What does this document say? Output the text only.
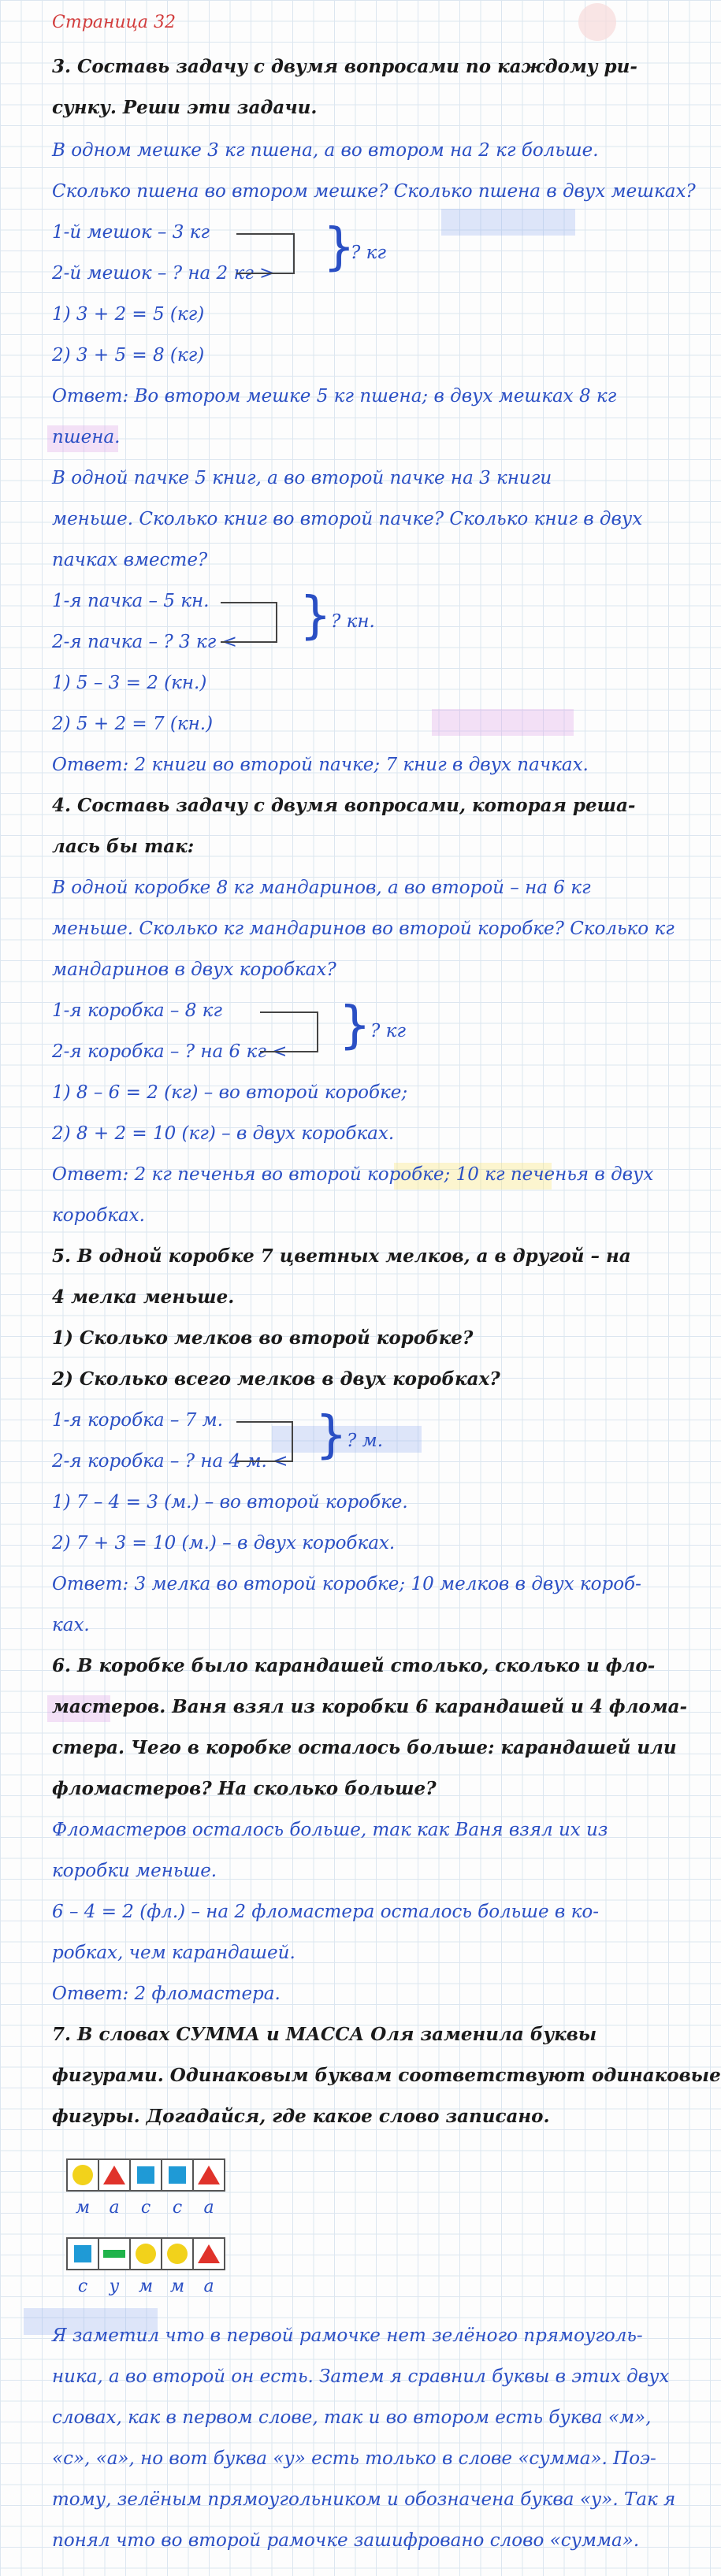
Страница 32
3. Составь задачу с двумя вопросами по каждому ри-
сунку. Реши эти задачи.
В одном мешке 3 кг пшена, а во втором на 2 кг больше.
Сколько пшена во втором мешке? Сколько пшена в двух мешках?
1-й мешок – 3 кг
2-й мешок – ? на 2 кг > }
? кг
1) 3 + 2 = 5 (кг)
2) 3 + 5 = 8 (кг)
Ответ: Во втором мешке 5 кг пшена; в двух мешках 8 кг
пшена.
В одной пачке 5 книг, а во второй пачке на 3 книги
меньше. Сколько книг во второй пачке? Сколько книг в двух
пачках вместе?
1-я пачка – 5 кн.
2-я пачка – ? 3 кг <	} ? кн.
1) 5 – 3 = 2 (кн.)
2) 5 + 2 = 7 (кн.)
Ответ: 2 книги во второй пачке; 7 книг в двух пачках.
4. Составь задачу с двумя вопросами, которая реша-
лась бы так:
В одной коробке 8 кг мандаринов, а во второй – на 6 кг
меньше. Сколько кг мандаринов во второй коробке? Сколько кг
мандаринов в двух коробках?
1-я коробка – 8 кг
2-я коробка – ? на 6 кг <	} ? кг
1) 8 – 6 = 2 (кг) – во второй коробке;
2) 8 + 2 = 10 (кг) – в двух коробках.
Ответ: 2 кг печенья во второй коробке; 10 кг печенья в двух
коробках.
5. В одной коробке 7 цветных мелков, а в другой – на
4 мелка меньше.
1) Сколько мелков во второй коробке?
2) Сколько всего мелков в двух коробках?
1-я коробка – 7 м.
2-я коробка – ? на 4 м. < } ? м.
1) 7 – 4 = 3 (м.) – во второй коробке.
2) 7 + 3 = 10 (м.) – в двух коробках.
Ответ: 3 мелка во второй коробке; 10 мелков в двух короб-
ках.
6. В коробке было карандашей столько, сколько и фло-
мастеров. Ваня взял из коробки 6 карандашей и 4 флома-
стера. Чего в коробке осталось больше: карандашей или
фломастеров? На сколько больше?
Фломастеров осталось больше, так как Ваня взял их из
коробки меньше.
6 – 4 = 2 (фл.) – на 2 фломастера осталось больше в ко-
робках, чем карандашей.
Ответ: 2 фломастера.
7. В словах СУММА и МАССА Оля заменила буквы
фигурами. Одинаковым буквам соответствуют одинаковые
фигуры. Догадайся, где какое слово записано.
м	а	с	с	а
с	у	м м	а
Я заметил что в первой рамочке нет зелёного прямоуголь-
ника, а во второй он есть. Затем я сравнил буквы в этих двух
словах, как в первом слове, так и во втором есть буква «м»,
«с», «а», но вот буква «у» есть только в слове «сумма». Поэ-
тому, зелёным прямоугольником и обозначена буква «у». Так я
понял что во второй рамочке зашифровано слово «сумма».
